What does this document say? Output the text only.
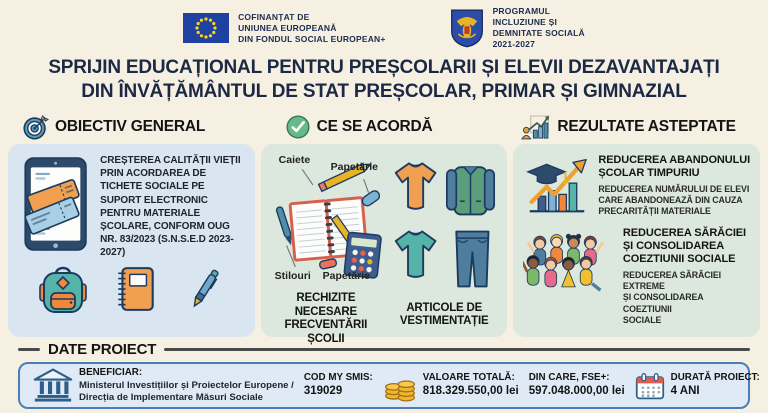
COFINANȚAT DE
UNIUNEA EUROPEANĂ
DIN FONDUL SOCIAL EUROPEAN+
PROGRAMUL
INCLUZIUNE ȘI
DEMNITATE SOCIALĂ
2021-2027
SPRIJIN EDUCAȚIONAL PENTRU PREȘCOLARII ȘI ELEVII DEZAVANTAJAȚI
DIN ÎNVĂȚĂMÂNTUL DE STAT PREȘCOLAR, PRIMAR ȘI GIMNAZIAL
OBIECTIV GENERAL
CREȘTEREA CALITĂȚII VIEȚII PRIN ACORDAREA DE TICHETE SOCIALE PE SUPORT ELECTRONIC PENTRU MATERIALE ȘCOLARE, CONFORM OUG NR. 83/2023 (S.N.S.E.D 2023-2027)
CE SE ACORDĂ
Caiete
Papetărie
Stilouri Papetărie
RECHIZITE NECESARE
FRECVENTĂRII ȘCOLII
ARTICOLE DE
VESTIMENTAȚIE
REZULTATE ASTEPTATE
REDUCEREA ABANDONULUI
ȘCOLAR TIMPURIU
REDUCEREA NUMĂRULUI DE ELEVI
CARE ABANDONEAZĂ DIN CAUZA
PRECARITĂȚII MATERIALE
REDUCEREA SĂRĂCIEI
ȘI CONSOLIDAREA
COEZTIUNII SOCIALE
REDUCEREA SĂRĂCIEI EXTREME
ȘI CONSOLIDAREA COEZTIUNII
SOCIALE
DATE PROIECT
BENEFICIAR:
Ministerul Investițiilor și Proiectelor Europene /
Direcția de Implementare Măsuri Sociale
COD MY SMIS:
319029
VALOARE TOTALĂ:
818.329.550,00 lei
DIN CARE, FSE+:
597.048.000,00 lei
DURATĂ PROIECT:
4 ANI
